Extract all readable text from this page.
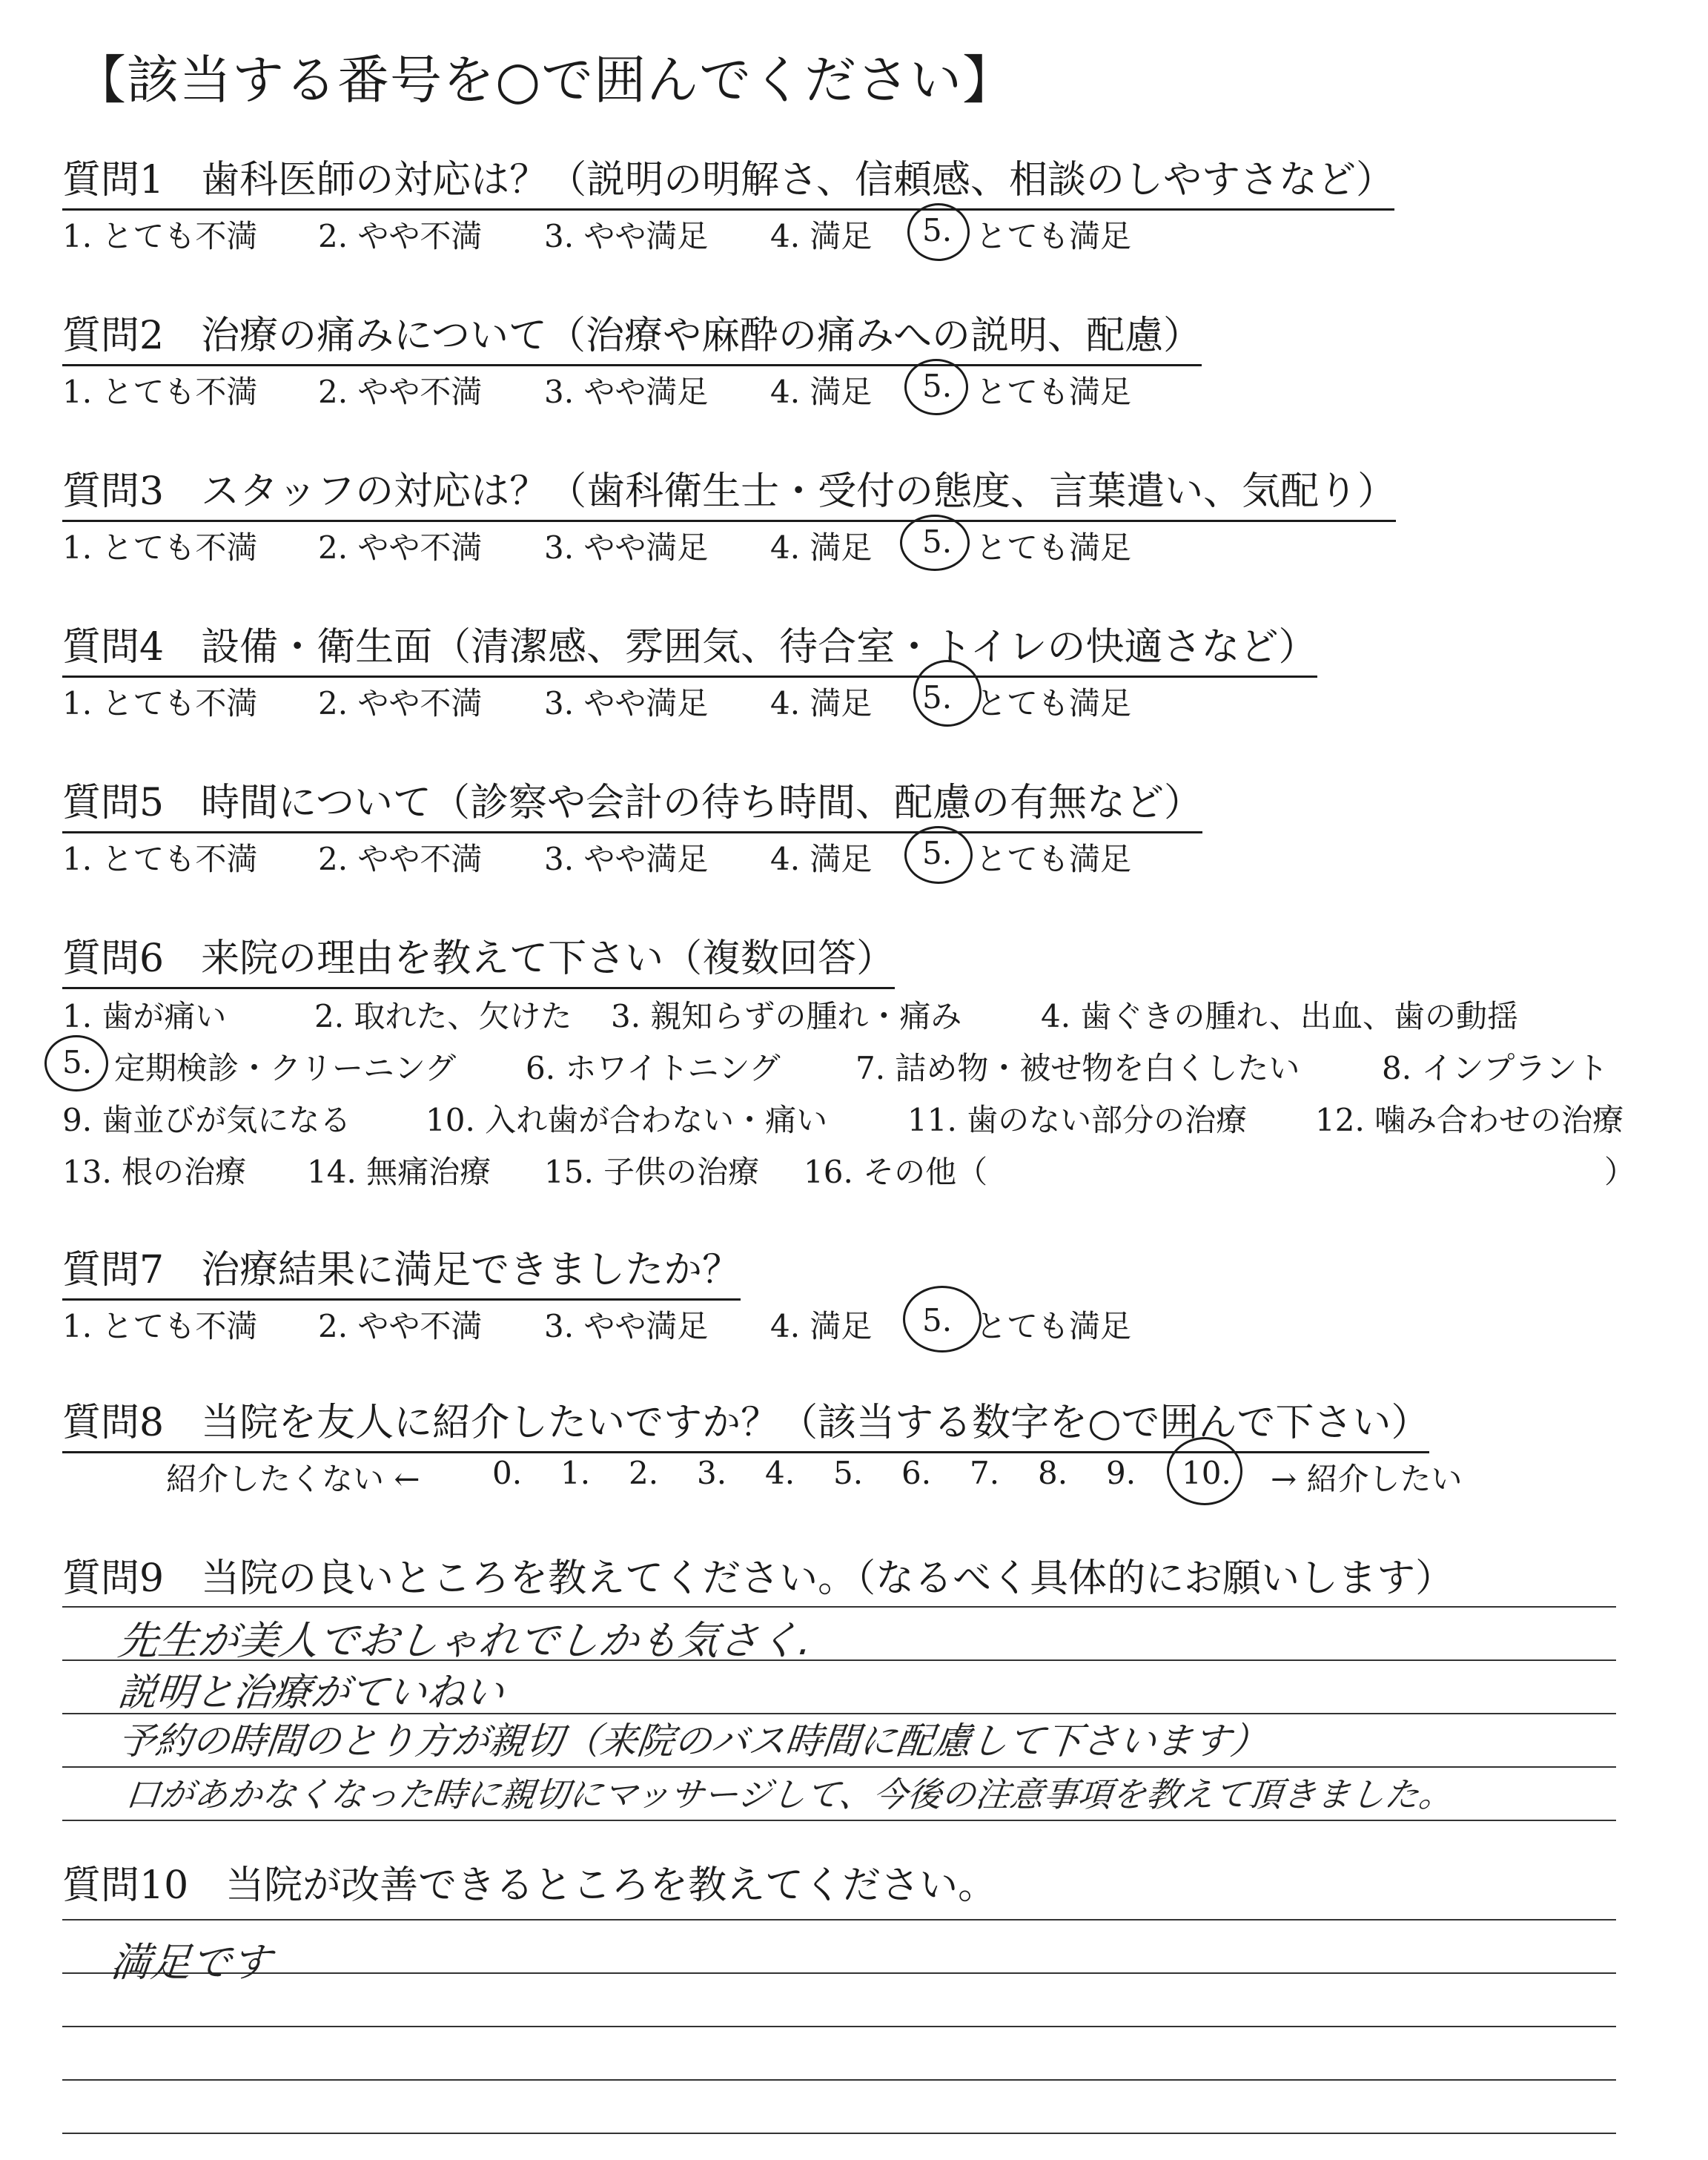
【該当する番号を○で囲んでください】
質問1 歯科医師の対応は？（説明の明解さ、信頼感、相談のしやすさなど）
1. とても不満 2. やや不満 3. やや満足 4. 満足 5. とても満足
質問2 治療の痛みについて（治療や麻酔の痛みへの説明、配慮）
1. とても不満 2. やや不満 3. やや満足 4. 満足 5. とても満足
質問3 スタッフの対応は？（歯科衛生士・受付の態度、言葉遣い、気配り）
1. とても不満 2. やや不満 3. やや満足 4. 満足 5. とても満足
質問4 設備・衛生面（清潔感、雰囲気、待合室・トイレの快適さなど）
1. とても不満 2. やや不満 3. やや満足 4. 満足 5. とても満足
質問5 時間について（診察や会計の待ち時間、配慮の有無など）
1. とても不満 2. やや不満 3. やや満足 4. 満足 5. とても満足
質問6 来院の理由を教えて下さい（複数回答）
1. 歯が痛い	2. 取れた、欠けた 3. 親知らずの腫れ・痛み	4. 歯ぐきの腫れ、出血、歯の動揺
5. 定期検診・クリーニング 6. ホワイトニング 7. 詰め物・被せ物を白くしたい	8. インプラント
9. 歯並びが気になる 10. 入れ歯が合わない・痛い	11. 歯のない部分の治療 12. 噛み合わせの治療
13. 根の治療 14. 無痛治療 15. 子供の治療 16. その他（	）
質問7 治療結果に満足できましたか？
1. とても不満 2. やや不満 3. やや満足 4. 満足 5. とても満足
質問8 当院を友人に紹介したいですか？（該当する数字を○で囲んで下さい）
紹介したくない ← 0. 1. 2. 3. 4. 5. 6. 7. 8. 9. 10. → 紹介したい
質問9 当院の良いところを教えてください。（なるべく具体的にお願いします）
先生が美人でおしゃれでしかも気さく.
説明と治療がていねい
予約の時間のとり方が親切（来院のバス時間に配慮して下さいます）
口があかなくなった時に親切にマッサージして、今後の注意事項を教えて頂きました。
質問10 当院が改善できるところを教えてください。
満足です
